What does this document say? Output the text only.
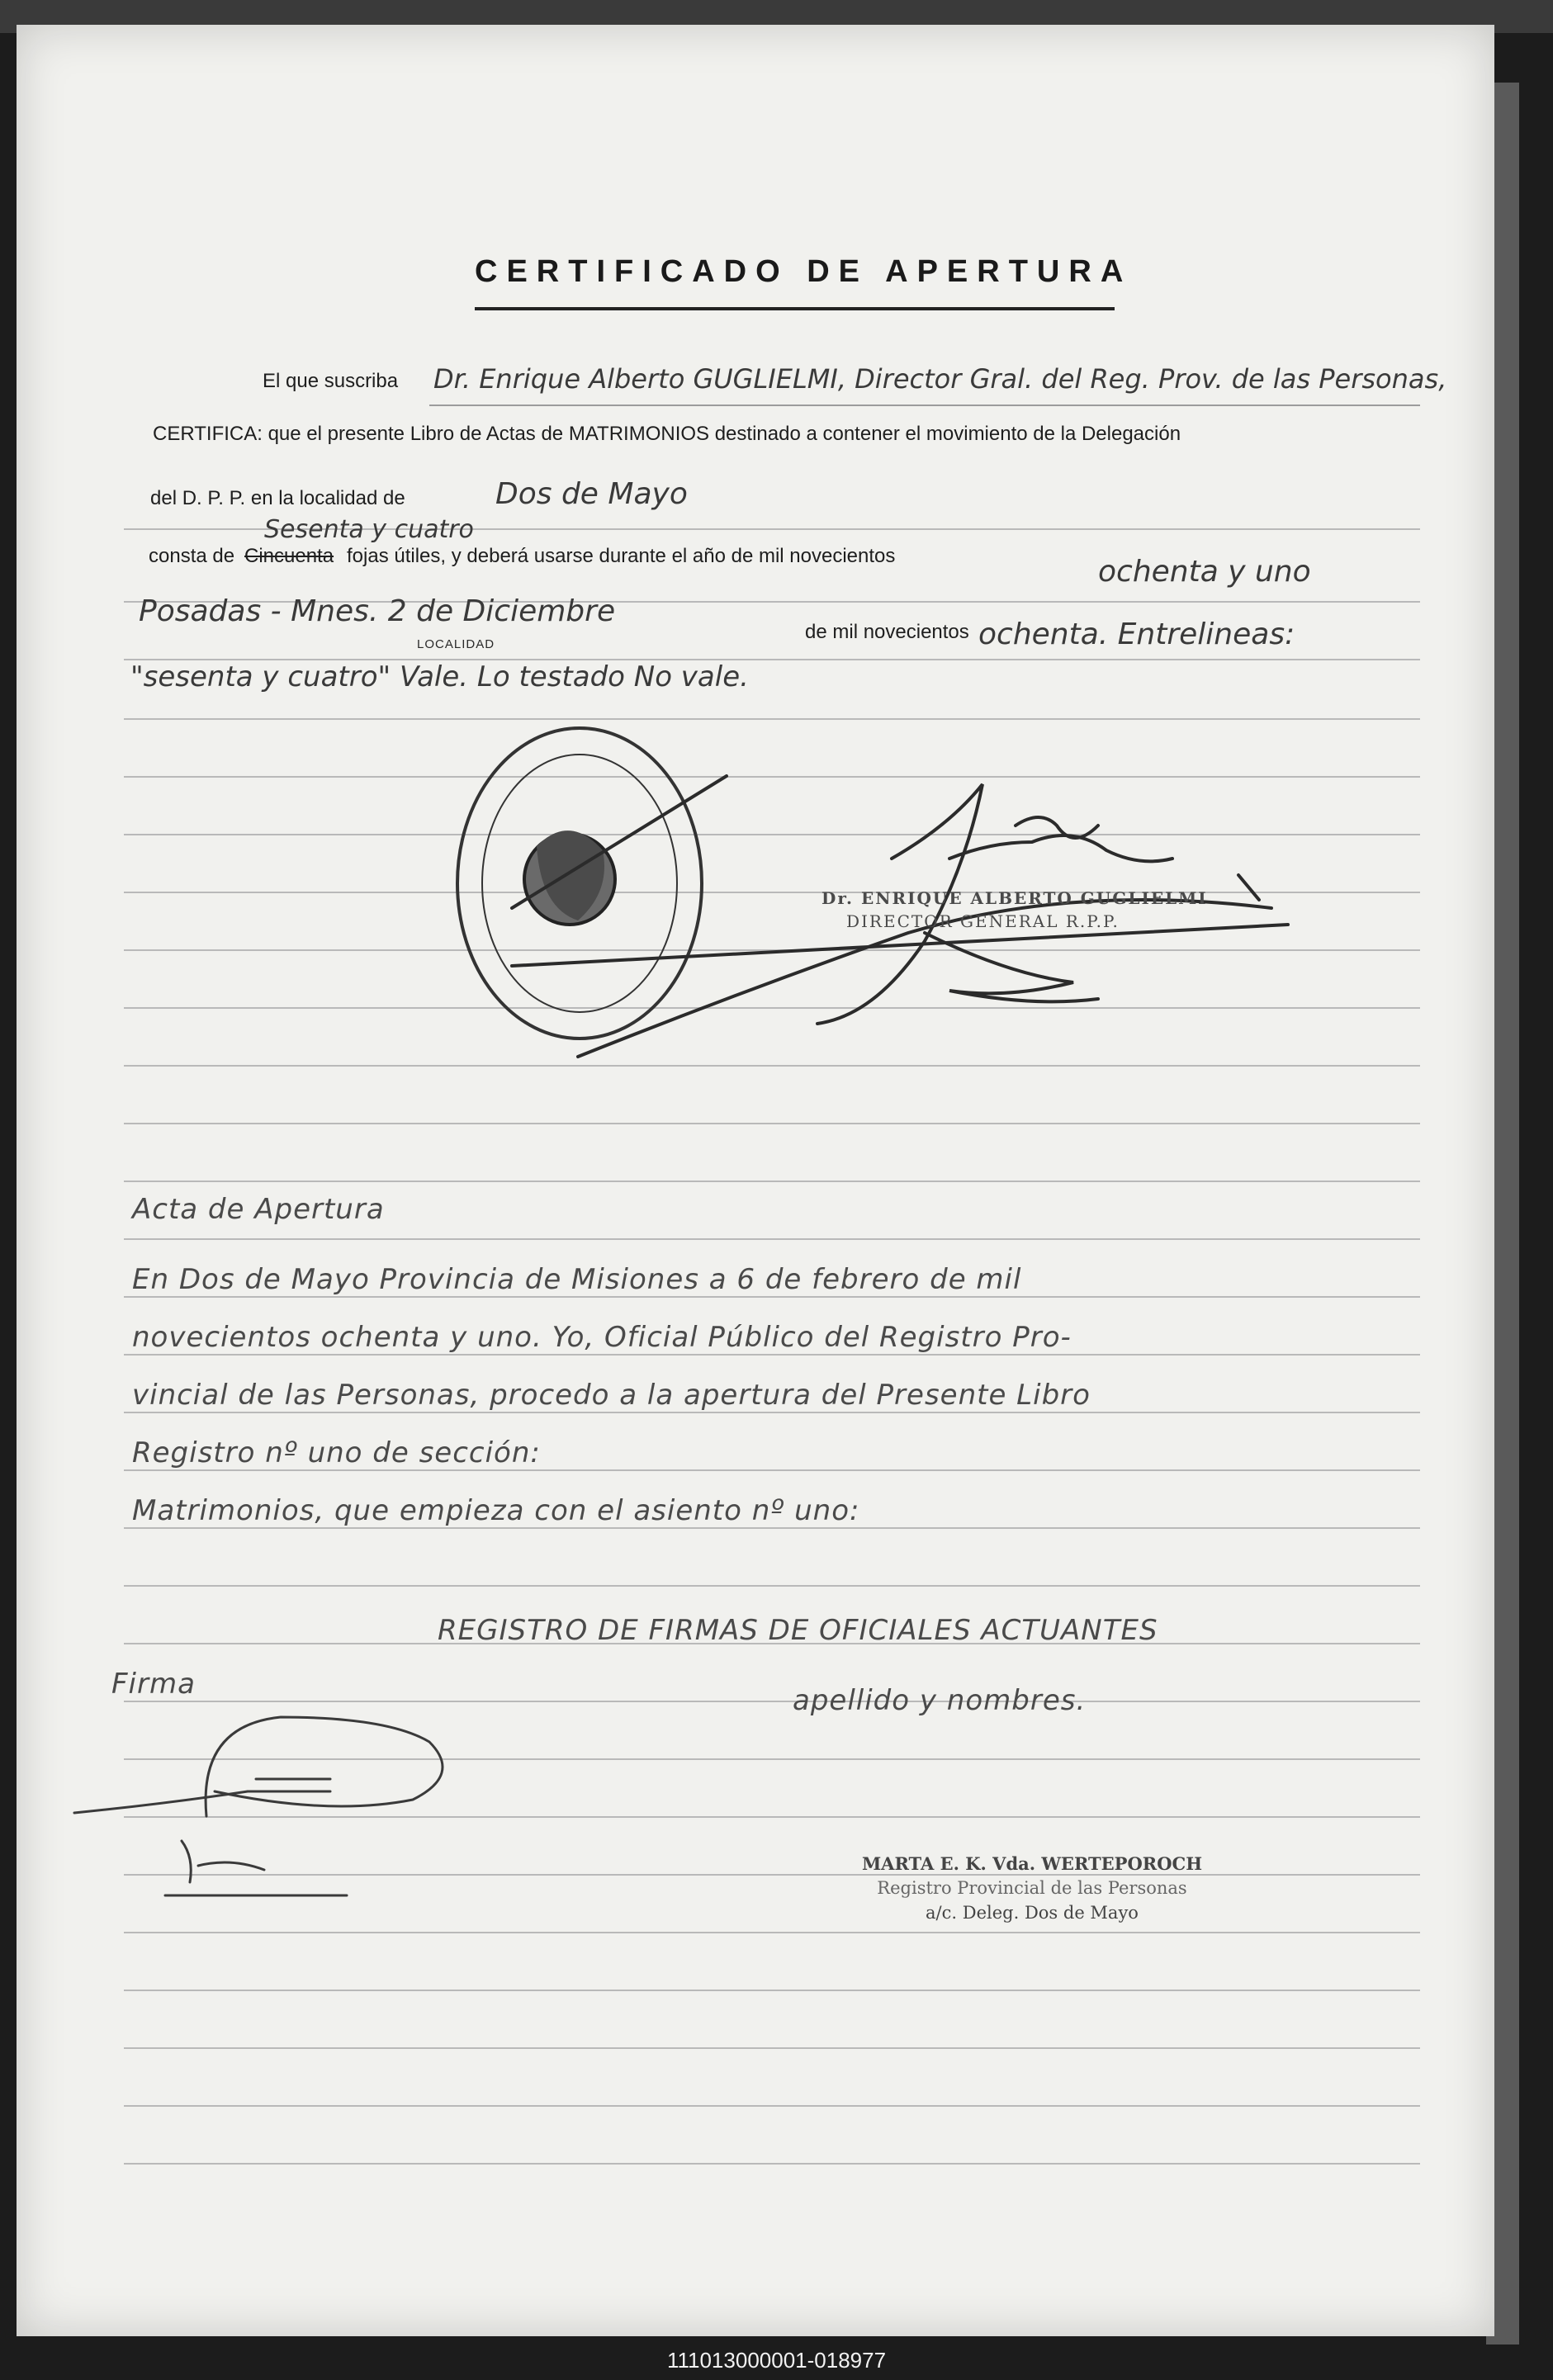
CERTIFICADO DE APERTURA
El que suscriba Dr. Enrique Alberto GUGLIELMI, Director Gral. del Reg. Prov. de las Personas,
CERTIFICA: que el presente Libro de Actas de MATRIMONIOS destinado a contener el movimiento de la Delegación
del D. P. P. en la localidad de	Dos de Mayo
Sesenta y cuatro
consta de Cincuenta fojas útiles, y deberá usarse durante el año de mil novecientos	ochenta y uno
Posadas - Mnes. 2 de Diciembre
de mil novecientos ochenta. Entrelineas:
LOCALIDAD
"sesenta y cuatro" Vale. Lo testado No vale.
Dr. ENRIQUE ALBERTO GUGLIELMI
DIRECTOR GENERAL R.P.P.
Acta de Apertura
En Dos de Mayo Provincia de Misiones a 6 de febrero de mil
novecientos ochenta y uno. Yo, Oficial Público del Registro Pro-
vincial de las Personas, procedo a la apertura del Presente Libro
Registro nº uno de sección:
Matrimonios, que empieza con el asiento nº uno:
REGISTRO DE FIRMAS DE OFICIALES ACTUANTES
Firma	apellido y nombres.
MARTA E. K. Vda. WERTEPOROCH
Registro Provincial de las Personas
a/c. Deleg. Dos de Mayo
111013000001-018977
